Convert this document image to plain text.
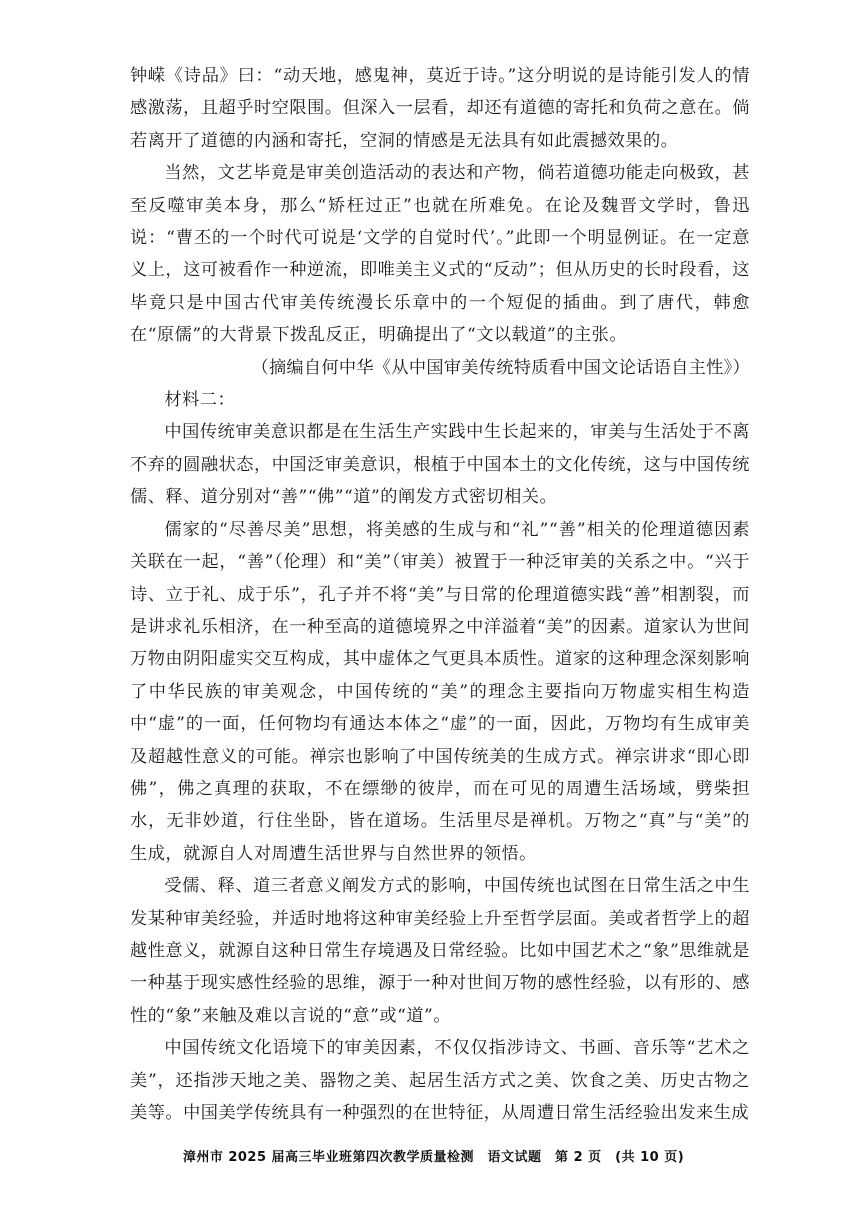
钟嵘《诗品》曰：“动天地，感鬼神，莫近于诗。”这分明说的是诗能引发人的情感激荡，且超乎时空限围。但深入一层看，却还有道德的寄托和负荷之意在。倘若离开了道德的内涵和寄托，空洞的情感是无法具有如此震撼效果的。

当然，文艺毕竟是审美创造活动的表达和产物，倘若道德功能走向极致，甚至反噬审美本身，那么“矫枉过正”也就在所难免。在论及魏晋文学时，鲁迅说：“曹丕的一个时代可说是‘文学的自觉时代’。”此即一个明显例证。在一定意义上，这可被看作一种逆流，即唯美主义式的“反动”；但从历史的长时段看，这毕竟只是中国古代审美传统漫长乐章中的一个短促的插曲。到了唐代，韩愈在“原儒”的大背景下拨乱反正，明确提出了“文以载道”的主张。

（摘编自何中华《从中国审美传统特质看中国文论话语自主性》）

材料二：

中国传统审美意识都是在生活生产实践中生长起来的，审美与生活处于不离不弃的圆融状态，中国泛审美意识，根植于中国本土的文化传统，这与中国传统儒、释、道分别对“善”“佛”“道”的阐发方式密切相关。

儒家的“尽善尽美”思想，将美感的生成与和“礼”“善”相关的伦理道德因素关联在一起，“善”（伦理）和“美”（审美）被置于一种泛审美的关系之中。“兴于诗、立于礼、成于乐”，孔子并不将“美”与日常的伦理道德实践“善”相割裂，而是讲求礼乐相济，在一种至高的道德境界之中洋溢着“美”的因素。道家认为世间万物由阴阳虚实交互构成，其中虚体之气更具本质性。道家的这种理念深刻影响了中华民族的审美观念，中国传统的“美”的理念主要指向万物虚实相生构造中“虚”的一面，任何物均有通达本体之“虚”的一面，因此，万物均有生成审美及超越性意义的可能。禅宗也影响了中国传统美的生成方式。禅宗讲求“即心即佛”，佛之真理的获取，不在缥缈的彼岸，而在可见的周遭生活场域，劈柴担水，无非妙道，行住坐卧，皆在道场。生活里尽是禅机。万物之“真”与“美”的生成，就源自人对周遭生活世界与自然世界的领悟。

受儒、释、道三者意义阐发方式的影响，中国传统也试图在日常生活之中生发某种审美经验，并适时地将这种审美经验上升至哲学层面。美或者哲学上的超越性意义，就源自这种日常生存境遇及日常经验。比如中国艺术之“象”思维就是一种基于现实感性经验的思维，源于一种对世间万物的感性经验，以有形的、感性的“象”来触及难以言说的“意”或“道”。

中国传统文化语境下的审美因素，不仅仅指涉诗文、书画、音乐等“艺术之美”，还指涉天地之美、器物之美、起居生活方式之美、饮食之美、历史古物之美等。中国美学传统具有一种强烈的在世特征，从周遭日常生活经验出发来生成

漳州市 2025 届高三毕业班第四次教学质量检测　语文试题　第 2 页　(共 10 页)
